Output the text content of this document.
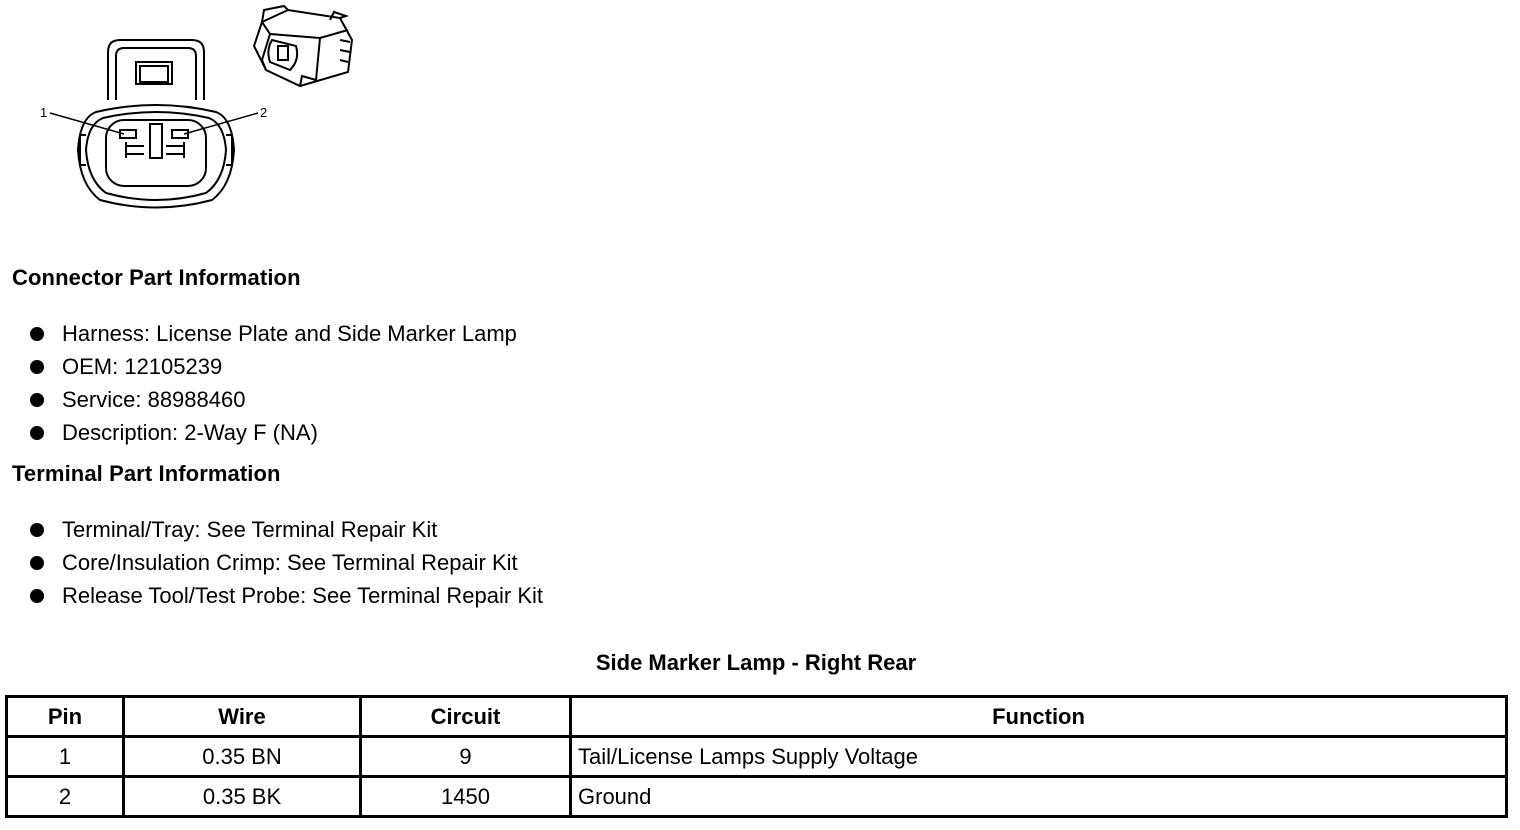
1	2
Connector Part Information
Harness: License Plate and Side Marker Lamp
OEM: 12105239
Service: 88988460
Description: 2-Way F (NA)
Terminal Part Information
Terminal/Tray: See Terminal Repair Kit
Core/Insulation Crimp: See Terminal Repair Kit
Release Tool/Test Probe: See Terminal Repair Kit
Side Marker Lamp - Right Rear
Pin	Wire	Circuit	Function
1	0.35 BN	9	Tail/License Lamps Supply Voltage
2	0.35 BK	1450	Ground
